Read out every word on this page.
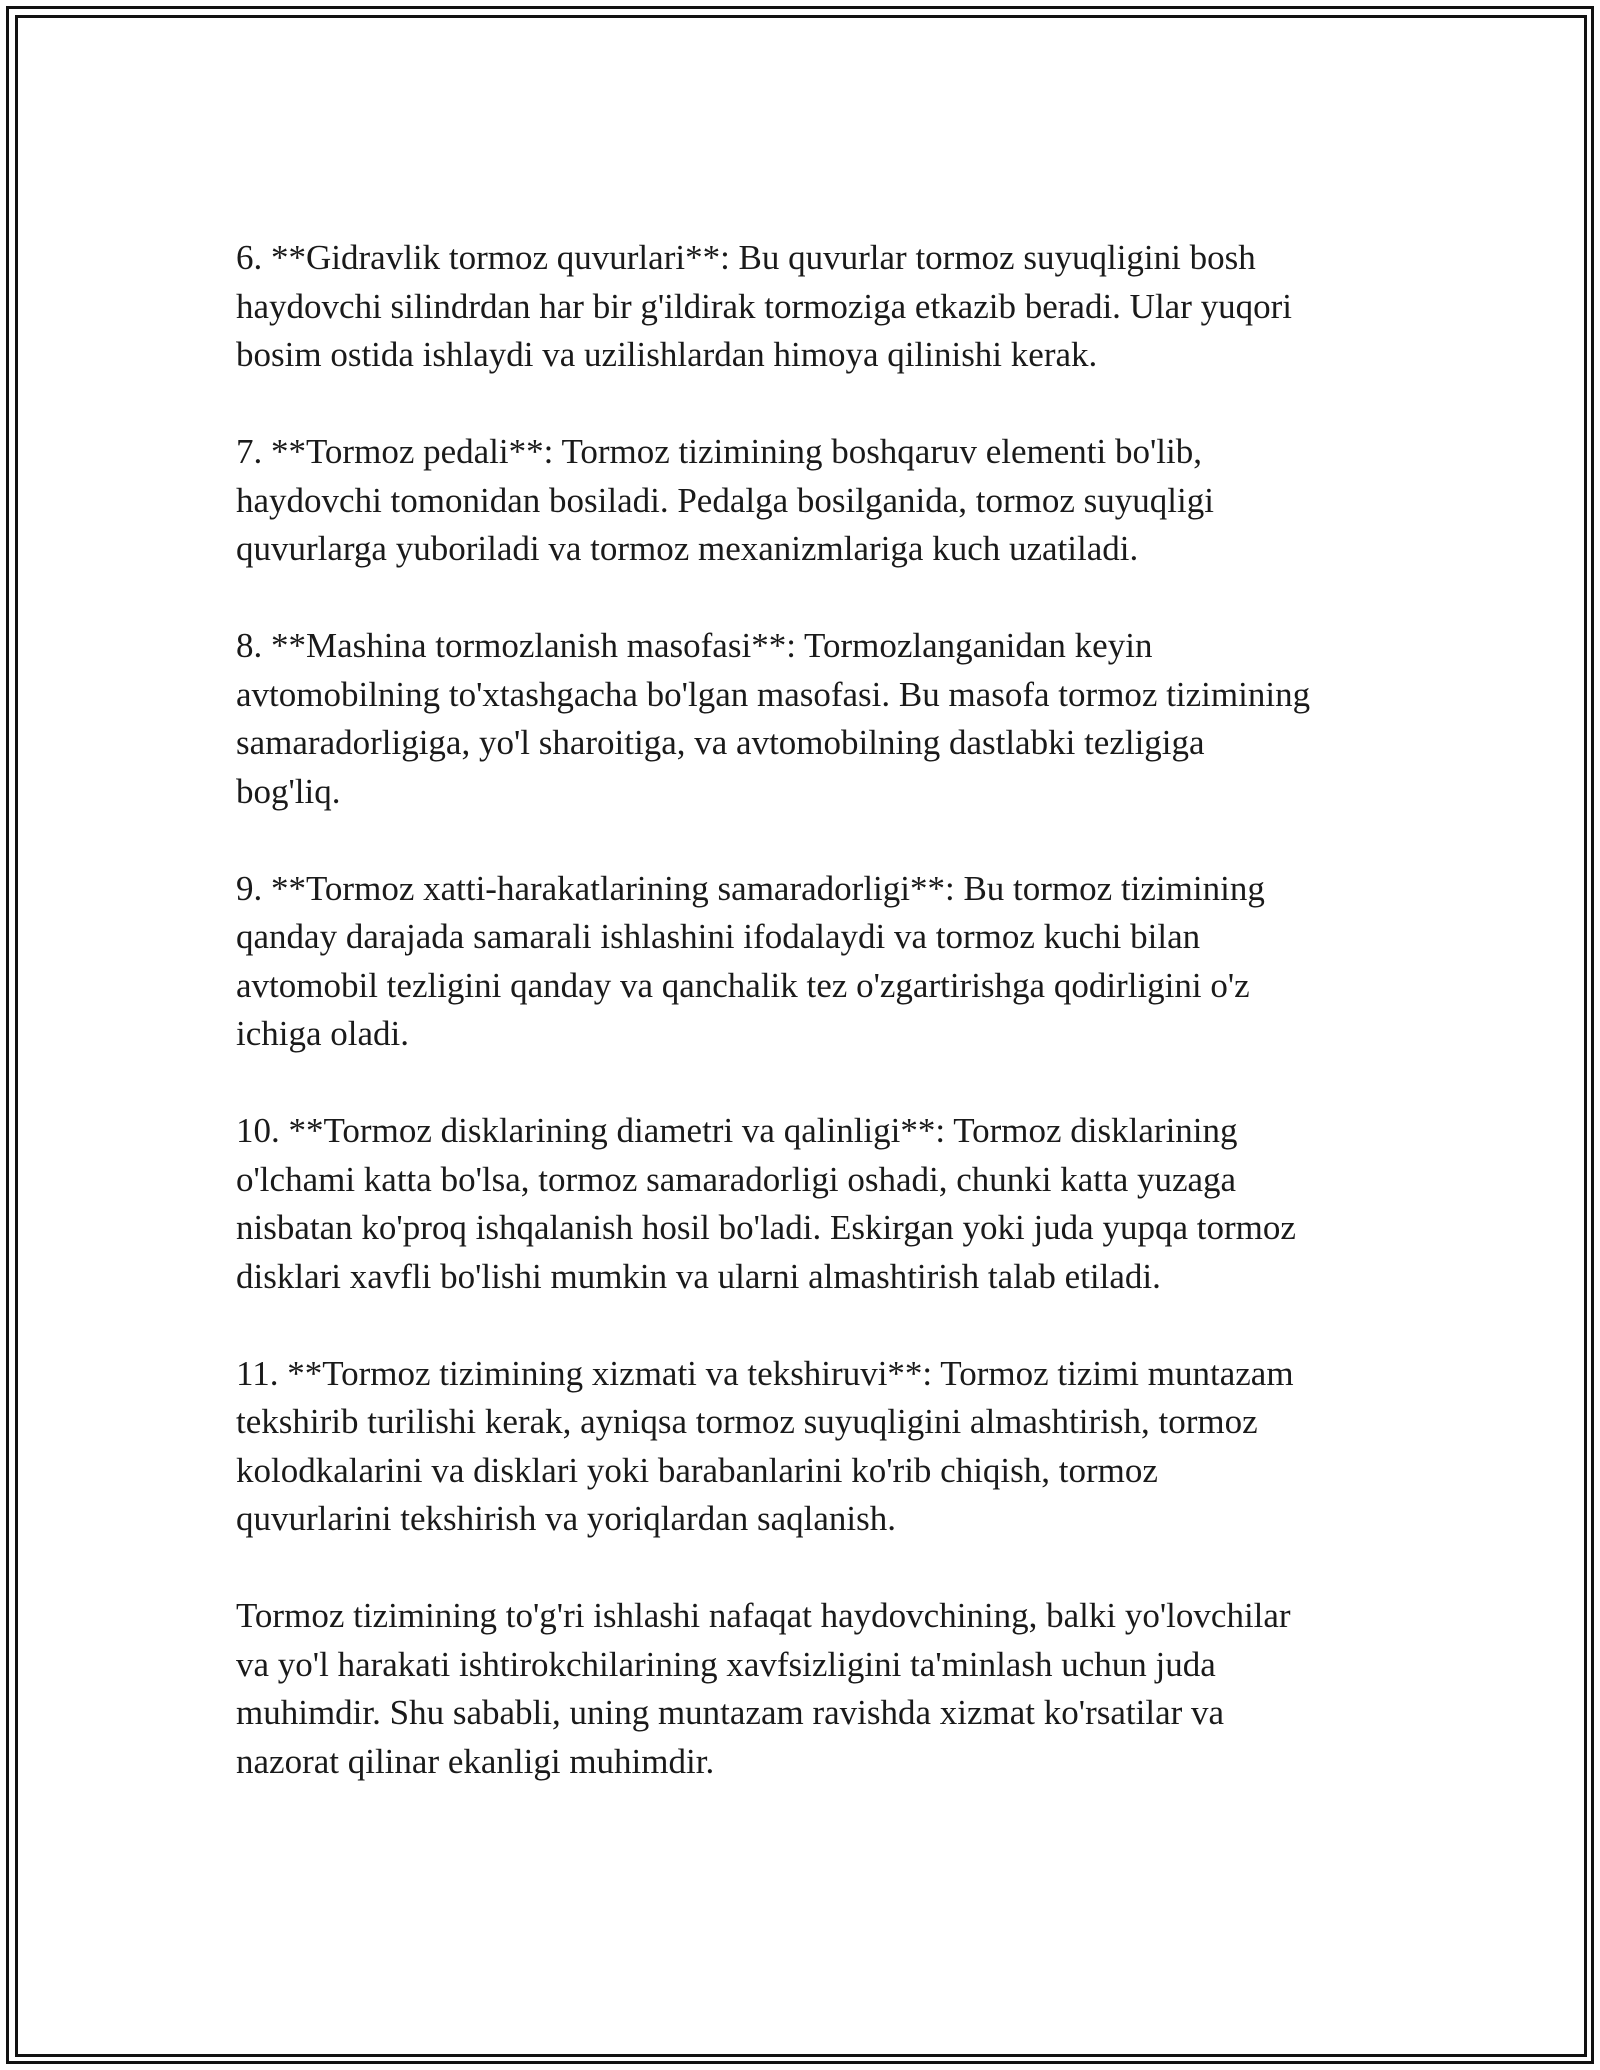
6. **Gidravlik tormoz quvurlari**: Bu quvurlar tormoz suyuqligini bosh
haydovchi silindrdan har bir g'ildirak tormoziga etkazib beradi. Ular yuqori
bosim ostida ishlaydi va uzilishlardan himoya qilinishi kerak.

7. **Tormoz pedali**: Tormoz tizimining boshqaruv elementi bo'lib,
haydovchi tomonidan bosiladi. Pedalga bosilganida, tormoz suyuqligi
quvurlarga yuboriladi va tormoz mexanizmlariga kuch uzatiladi.

8. **Mashina tormozlanish masofasi**: Tormozlanganidan keyin
avtomobilning to'xtashgacha bo'lgan masofasi. Bu masofa tormoz tizimining
samaradorligiga, yo'l sharoitiga, va avtomobilning dastlabki tezligiga
bog'liq.

9. **Tormoz xatti-harakatlarining samaradorligi**: Bu tormoz tizimining
qanday darajada samarali ishlashini ifodalaydi va tormoz kuchi bilan
avtomobil tezligini qanday va qanchalik tez o'zgartirishga qodirligini o'z
ichiga oladi.

10. **Tormoz disklarining diametri va qalinligi**: Tormoz disklarining
o'lchami katta bo'lsa, tormoz samaradorligi oshadi, chunki katta yuzaga
nisbatan ko'proq ishqalanish hosil bo'ladi. Eskirgan yoki juda yupqa tormoz
disklari xavfli bo'lishi mumkin va ularni almashtirish talab etiladi.

11. **Tormoz tizimining xizmati va tekshiruvi**: Tormoz tizimi muntazam
tekshirib turilishi kerak, ayniqsa tormoz suyuqligini almashtirish, tormoz
kolodkalarini va disklari yoki barabanlarini ko'rib chiqish, tormoz
quvurlarini tekshirish va yoriqlardan saqlanish.

Tormoz tizimining to'g'ri ishlashi nafaqat haydovchining, balki yo'lovchilar
va yo'l harakati ishtirokchilarining xavfsizligini ta'minlash uchun juda
muhimdir. Shu sababli, uning muntazam ravishda xizmat ko'rsatilar va
nazorat qilinar ekanligi muhimdir.
